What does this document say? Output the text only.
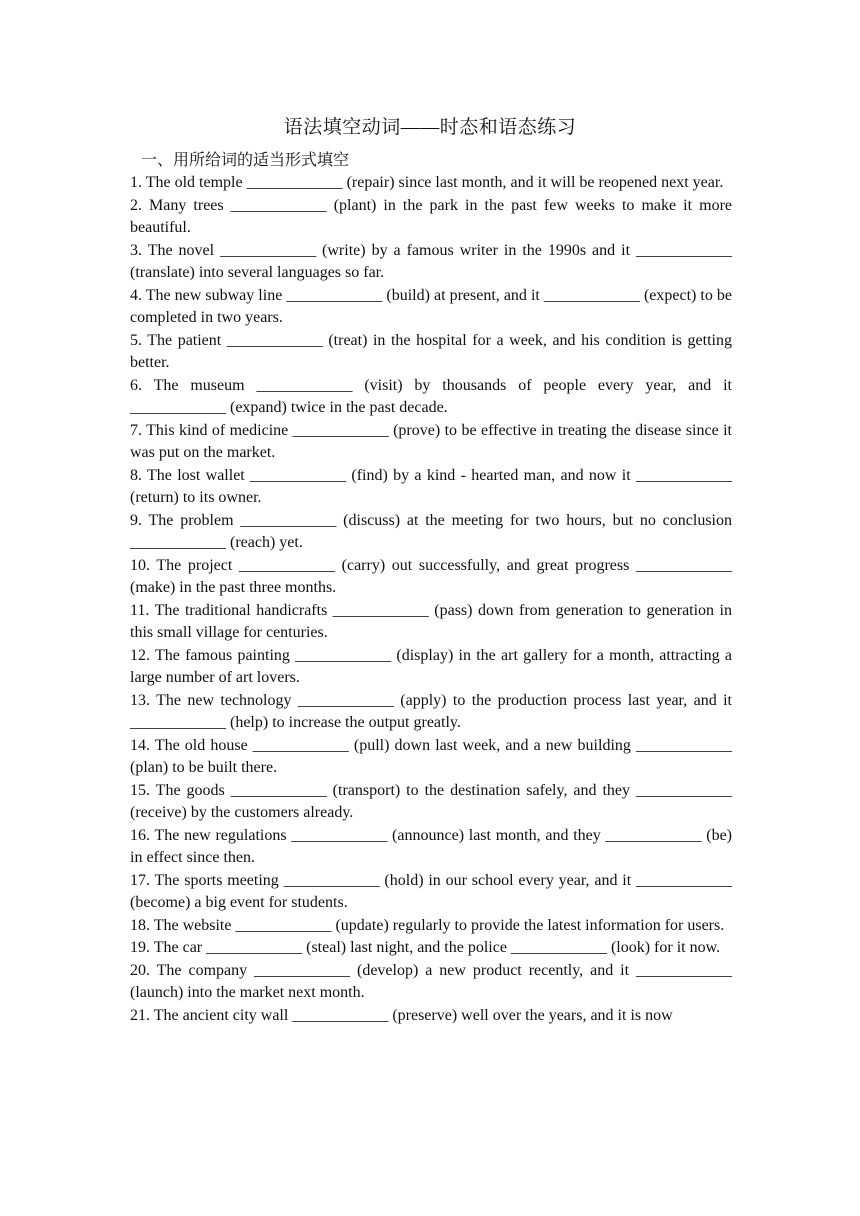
语法填空动词——时态和语态练习
一、用所给词的适当形式填空

1. The old temple ____________ (repair) since last month, and it will be reopened next year.

2. Many trees ____________ (plant) in the park in the past few weeks to make it more beautiful.

3. The novel ____________ (write) by a famous writer in the 1990s and it ____________ (translate) into several languages so far.

4. The new subway line ____________ (build) at present, and it ____________ (expect) to be completed in two years.

5. The patient ____________ (treat) in the hospital for a week, and his condition is getting better.

6. The museum ____________ (visit) by thousands of people every year, and it ____________ (expand) twice in the past decade.

7. This kind of medicine ____________ (prove) to be effective in treating the disease since it was put on the market.

8. The lost wallet ____________ (find) by a kind - hearted man, and now it ____________ (return) to its owner.

9. The problem ____________ (discuss) at the meeting for two hours, but no conclusion ____________ (reach) yet.

10. The project ____________ (carry) out successfully, and great progress ____________ (make) in the past three months.

11. The traditional handicrafts ____________ (pass) down from generation to generation in this small village for centuries.

12. The famous painting ____________ (display) in the art gallery for a month, attracting a large number of art lovers.

13. The new technology ____________ (apply) to the production process last year, and it ____________ (help) to increase the output greatly.

14. The old house ____________ (pull) down last week, and a new building ____________ (plan) to be built there.

15. The goods ____________ (transport) to the destination safely, and they ____________ (receive) by the customers already.

16. The new regulations ____________ (announce) last month, and they ____________ (be) in effect since then.

17. The sports meeting ____________ (hold) in our school every year, and it ____________ (become) a big event for students.

18. The website ____________ (update) regularly to provide the latest information for users.

19. The car ____________ (steal) last night, and the police ____________ (look) for it now.

20. The company ____________ (develop) a new product recently, and it ____________ (launch) into the market next month.

21. The ancient city wall ____________ (preserve) well over the years, and it is now
